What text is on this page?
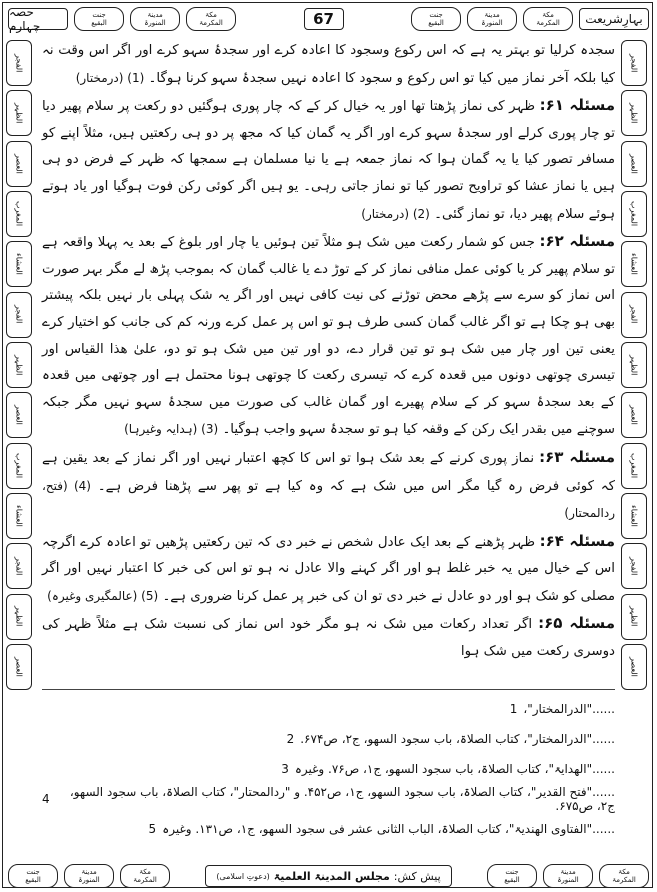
حصہ چہارم
جنت
البقیع
مدینۃ
المنورۃ
مکۃ
المکرمۃ	67	جنت
البقیع
مدینۃ
المنورۃ
مکۃ
المکرمۃ	بہارِشریعت
الفجر
الظہر
العصر
المغرب
العشاء
الفجر
الظہر
العصر
المغرب
العشاء
الفجر
الظہر
العصر
الفجر
الظہر
العصر
المغرب
العشاء
الفجر
الظہر
العصر
المغرب
العشاء
الفجر
الظہر
العصر

سجدہ کرلیا تو بہتر یہ ہے کہ اس رکوع وسجود کا اعادہ کرے اور سجدۂ سہو کرے اور اگر اس وقت نہ کیا بلکہ آخر نماز میں کیا تو اس رکوع و سجود کا اعادہ نہیں سجدۂ سہو کرنا ہوگا۔ (1) (درمختار)

مسئلہ ۶۱: ظہر کی نماز پڑھتا تھا اور یہ خیال کر کے کہ چار پوری ہوگئیں دو رکعت پر سلام پھیر دیا تو چار پوری کرلے اور سجدۂ سہو کرے اور اگر یہ گمان کیا کہ مجھ پر دو ہی رکعتیں ہیں، مثلاً اپنے کو مسافر تصور کیا یا یہ گمان ہوا کہ نماز جمعہ ہے یا نیا مسلمان ہے سمجھا کہ ظہر کے فرض دو ہی ہیں یا نماز عشا کو تراویح تصور کیا تو نماز جاتی رہی۔ یو ہیں اگر کوئی رکن فوت ہوگیا اور یاد ہوتے ہوئے سلام پھیر دیا، تو نماز گئی۔ (2) (درمختار)

مسئلہ ۶۲: جس کو شمار رکعت میں شک ہو مثلاً تین ہوئیں یا چار اور بلوغ کے بعد یہ پہلا واقعہ ہے تو سلام پھیر کر یا کوئی عمل منافی نماز کر کے توڑ دے یا غالب گمان کہ بموجب پڑھ لے مگر بہر صورت اس نماز کو سرے سے پڑھے محض توڑنے کی نیت کافی نہیں اور اگر یہ شک پہلی بار نہیں بلکہ پیشتر بھی ہو چکا ہے تو اگر غالب گمان کسی طرف ہو تو اس پر عمل کرے ورنہ کم کی جانب کو اختیار کرے یعنی تین اور چار میں شک ہو تو تین قرار دے، دو اور تین میں شک ہو تو دو، علیٰ ھذا القیاس اور تیسری چوتھی دونوں میں قعدہ کرے کہ تیسری رکعت کا چوتھی ہونا محتمل ہے اور چوتھی میں قعدہ کے بعد سجدۂ سہو کر کے سلام پھیرے اور گمان غالب کی صورت میں سجدۂ سہو نہیں مگر جبکہ سوچنے میں بقدر ایک رکن کے وقفہ کیا ہو تو سجدۂ سہو واجب ہوگیا۔ (3) (ہدایہ وغیرہا)

مسئلہ ۶۳: نماز پوری کرنے کے بعد شک ہوا تو اس کا کچھ اعتبار نہیں اور اگر نماز کے بعد یقین ہے کہ کوئی فرض رہ گیا مگر اس میں شک ہے کہ وہ کیا ہے تو پھر سے پڑھنا فرض ہے۔ (4) (فتح، ردالمحتار)

مسئلہ ۶۴: ظہر پڑھنے کے بعد ایک عادل شخص نے خبر دی کہ تین رکعتیں پڑھیں تو اعادہ کرے اگرچہ اس کے خیال میں یہ خبر غلط ہو اور اگر کہنے والا عادل نہ ہو تو اس کی خبر کا اعتبار نہیں اور اگر مصلی کو شک ہو اور دو عادل نے خبر دی تو ان کی خبر پر عمل کرنا ضروری ہے۔ (5) (عالمگیری وغیرہ)

مسئلہ ۶۵: اگر تعداد رکعات میں شک نہ ہو مگر خود اس نماز کی نسبت شک ہے مثلاً ظہر کی دوسری رکعت میں شک ہوا

......"الدرالمختار"،
1
......"الدرالمختار"، کتاب الصلاۃ، باب سجود السھو، ج۲، ص۶۷۴.
2
......"الھدایۃ"، کتاب الصلاۃ، باب سجود السھو، ج۱، ص۷۶. وغیرہ
3
......"فتح القدیر"، کتاب الصلاۃ، باب سجود السھو، ج۱، ص۴۵۲. و "ردالمحتار"، کتاب الصلاۃ، باب سجود السھو، ج۲، ص۶۷۵.
4
......"الفتاوی الھندیۃ"، کتاب الصلاۃ، الباب الثانی عشر فی سجود السھو، ج۱، ص۱۳۱. وغیرہ
5
جنت
البقیع
مدینۃ
المنورۃ
مکۃ
المکرمۃ	پیش کش:
مجلس المدینۃ العلمیۃ
(دعوتِ اسلامی)	جنت
البقیع
مدینۃ
المنورۃ
مکۃ
المکرمۃ
